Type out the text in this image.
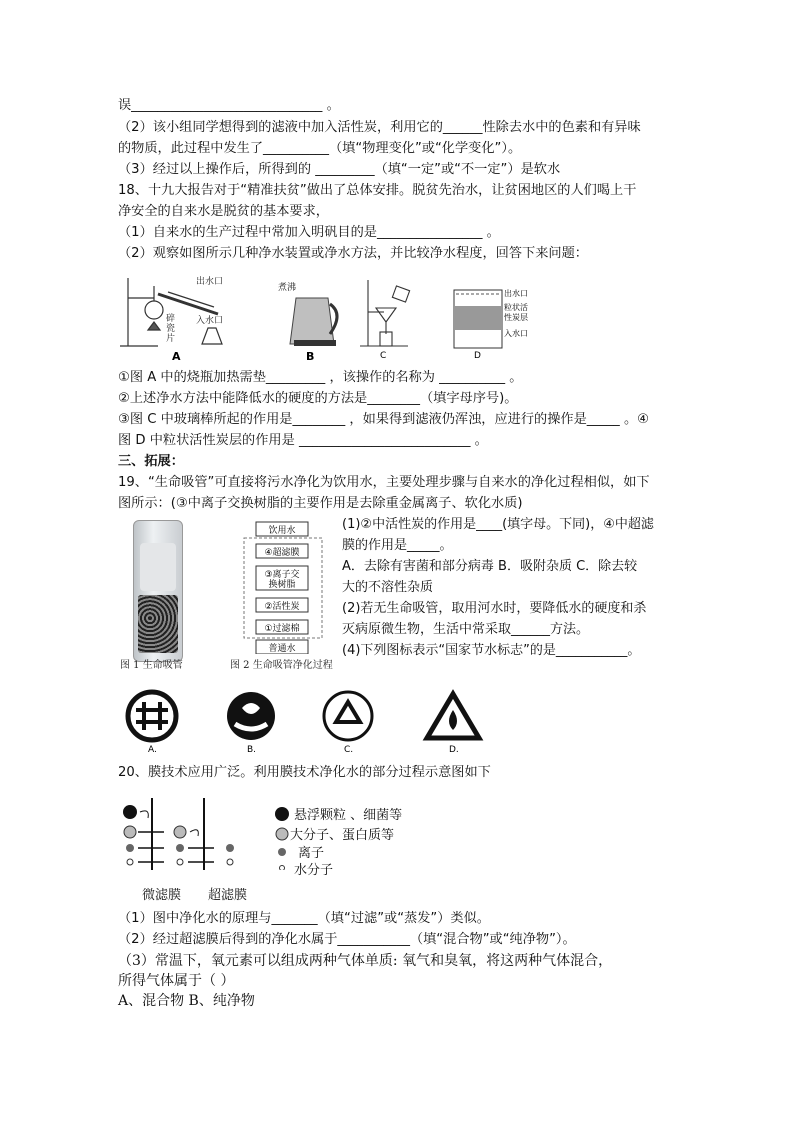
误_____________________________ 。
（2）该小组同学想得到的滤液中加入活性炭，利用它的______性除去水中的色素和有异味
的物质，此过程中发生了__________（填“物理变化”或“化学变化”）。
（3）经过以上操作后，所得到的 _________（填“一定”或“不一定”）是软水
18、十九大报告对于“精准扶贫”做出了总体安排。脱贫先治水，让贫困地区的人们喝上干
净安全的自来水是脱贫的基本要求，
（1）自来水的生产过程中常加入明矾目的是________________ 。
（2）观察如图所示几种净水装置或净水方法，并比较净水程度，回答下来问题：
出水口
碎
瓷
片
入水口
A
煮沸
B	C
出水口
粒状活
性炭层
入水口
D
①图 A 中的烧瓶加热需垫_________ ，该操作的名称为 __________ 。
②上述净水方法中能降低水的硬度的方法是________（填字母序号)。
③图 C 中玻璃棒所起的作用是________ ，如果得到滤液仍浑浊，应进行的操作是_____ 。④
图 D 中粒状活性炭层的作用是 __________________________ 。
三、拓展：
19、“生命吸管”可直接将污水净化为饮用水，主要处理步骤与自来水的净化过程相似，如下
图所示：(③中离子交换树脂的主要作用是去除重金属离子、软化水质)
图 1 生命吸管
饮用水
④超滤膜
③离子交
换树脂
②活性炭
①过滤棉
普通水
图 2 生命吸管净化过程
(1)②中活性炭的作用是____(填字母。下同)，④中超滤
膜的作用是_____。
A．去除有害菌和部分病毒 B．吸附杂质 C．除去较
大的不溶性杂质
(2)若无生命吸管，取用河水时，要降低水的硬度和杀
灭病原微生物，生活中常采取______方法。
(4)下列图标表示“国家节水标志”的是___________。
A.	B.	C.	D.
20、膜技术应用广泛。利用膜技术净化水的部分过程示意图如下
悬浮颗粒 、细菌等
大分子、蛋白质等
离子
水分子
微滤膜 超滤膜
（1）图中净化水的原理与_______（填“过滤”或“蒸发”）类似。
（2）经过超滤膜后得到的净化水属于___________（填“混合物”或“纯净物”）。
（3）常温下，氧元素可以组成两种气体单质: 氧气和臭氧，将这两种气体混合，
所得气体属于（ ）
A、混合物 B、纯净物
